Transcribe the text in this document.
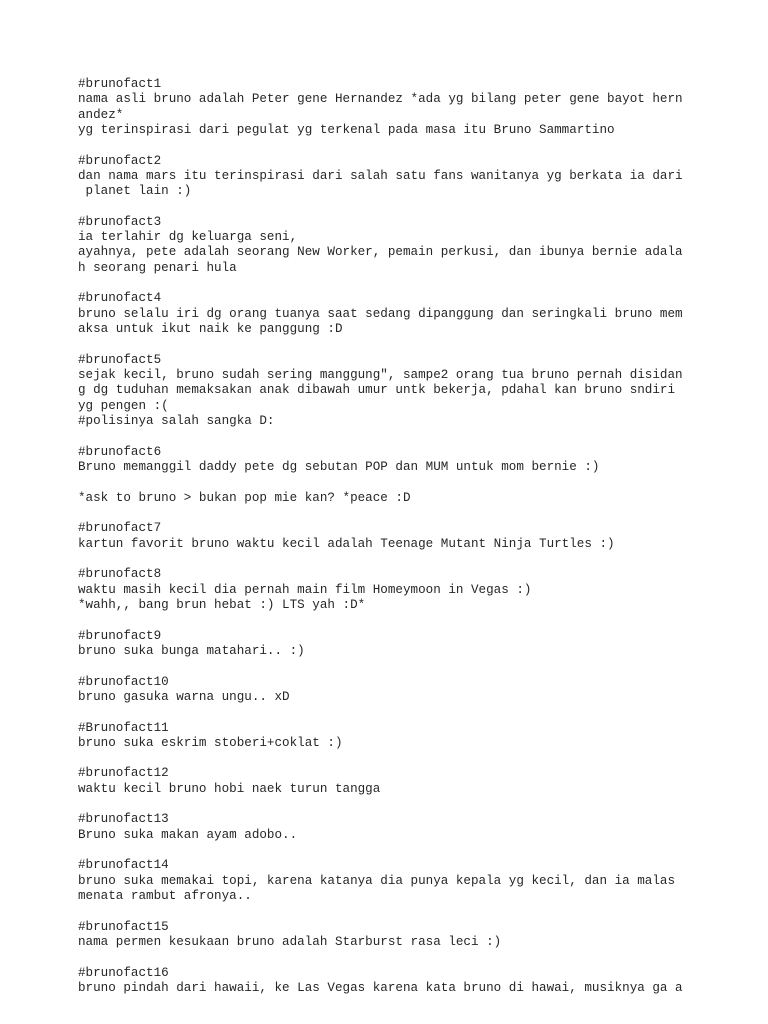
#brunofact1
nama asli bruno adalah Peter gene Hernandez *ada yg bilang peter gene bayot hern
andez*
yg terinspirasi dari pegulat yg terkenal pada masa itu Bruno Sammartino
#brunofact2
dan nama mars itu terinspirasi dari salah satu fans wanitanya yg berkata ia dari
planet lain :)
#brunofact3
ia terlahir dg keluarga seni,
ayahnya, pete adalah seorang New Worker, pemain perkusi, dan ibunya bernie adala
h seorang penari hula
#brunofact4
bruno selalu iri dg orang tuanya saat sedang dipanggung dan seringkali bruno mem
aksa untuk ikut naik ke panggung :D
#brunofact5
sejak kecil, bruno sudah sering manggung", sampe2 orang tua bruno pernah disidan
g dg tuduhan memaksakan anak dibawah umur untk bekerja, pdahal kan bruno sndiri
yg pengen :(
#polisinya salah sangka D:
#brunofact6
Bruno memanggil daddy pete dg sebutan POP dan MUM untuk mom bernie :)
*ask to bruno > bukan pop mie kan? *peace :D
#brunofact7
kartun favorit bruno waktu kecil adalah Teenage Mutant Ninja Turtles :)
#brunofact8
waktu masih kecil dia pernah main film Homeymoon in Vegas :)
*wahh,, bang brun hebat :) LTS yah :D*
#brunofact9
bruno suka bunga matahari.. :)
#brunofact10
bruno gasuka warna ungu.. xD
#Brunofact11
bruno suka eskrim stoberi+coklat :)
#brunofact12
waktu kecil bruno hobi naek turun tangga
#brunofact13
Bruno suka makan ayam adobo..
#brunofact14
bruno suka memakai topi, karena katanya dia punya kepala yg kecil, dan ia malas
menata rambut afronya..
#brunofact15
nama permen kesukaan bruno adalah Starburst rasa leci :)
#brunofact16
bruno pindah dari hawaii, ke Las Vegas karena kata bruno di hawai, musiknya ga a
